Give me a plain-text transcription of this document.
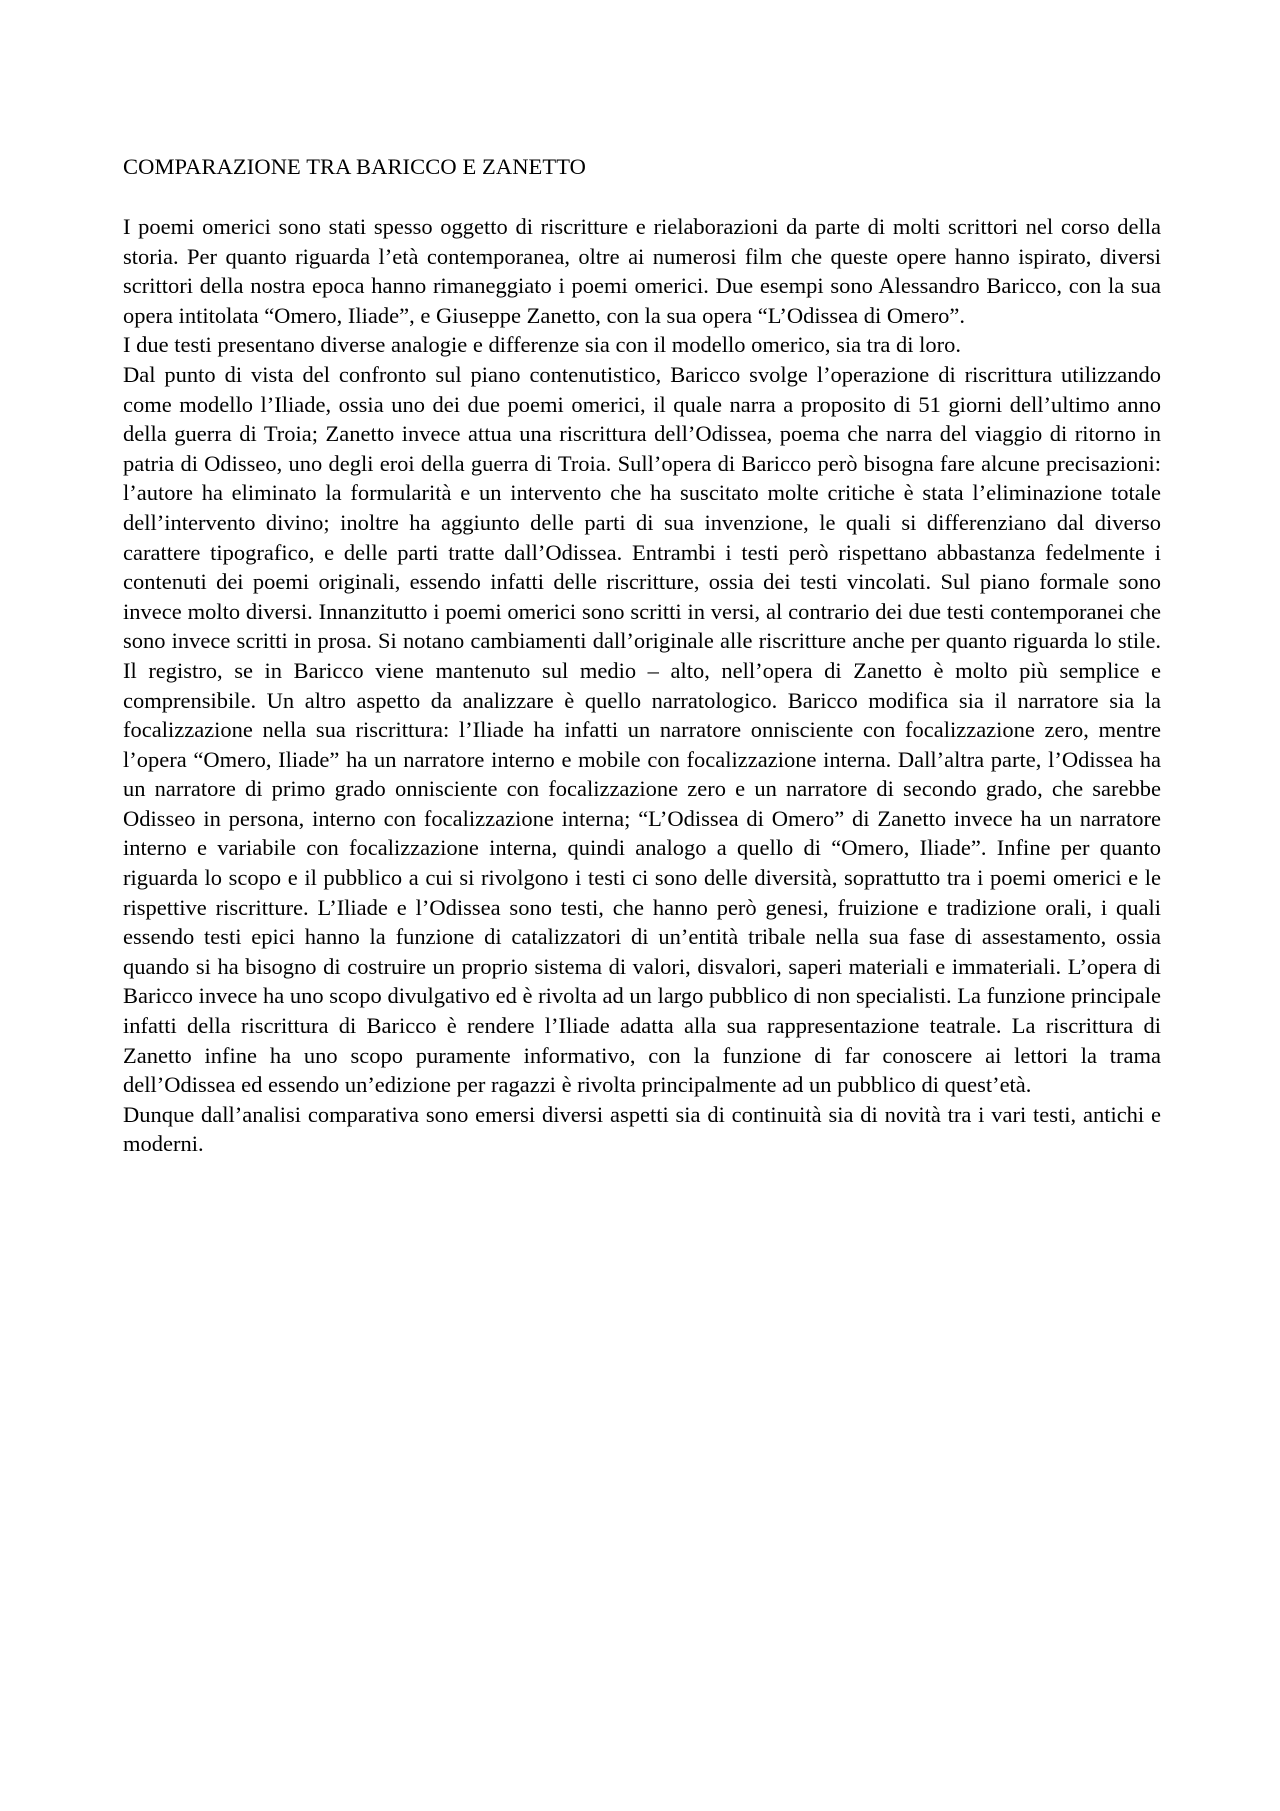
COMPARAZIONE TRA BARICCO E ZANETTO

I poemi omerici sono stati spesso oggetto di riscritture e rielaborazioni da parte di molti scrittori nel corso della storia. Per quanto riguarda l’età contemporanea, oltre ai numerosi film che queste opere hanno ispirato, diversi scrittori della nostra epoca hanno rimaneggiato i poemi omerici. Due esempi sono Alessandro Baricco, con la sua opera intitolata “Omero, Iliade”, e Giuseppe Zanetto, con la sua opera “L’Odissea di Omero”.

I due testi presentano diverse analogie e differenze sia con il modello omerico, sia tra di loro.

Dal punto di vista del confronto sul piano contenutistico, Baricco svolge l’operazione di riscrittura utilizzando come modello l’Iliade, ossia uno dei due poemi omerici, il quale narra a proposito di 51 giorni dell’ultimo anno della guerra di Troia; Zanetto invece attua una riscrittura dell’Odissea, poema che narra del viaggio di ritorno in patria di Odisseo, uno degli eroi della guerra di Troia. Sull’opera di Baricco però bisogna fare alcune precisazioni: l’autore ha eliminato la formularità e un intervento che ha suscitato molte critiche è stata l’eliminazione totale dell’intervento divino; inoltre ha aggiunto delle parti di sua invenzione, le quali si differenziano dal diverso carattere tipografico, e delle parti tratte dall’Odissea. Entrambi i testi però rispettano abbastanza fedelmente i contenuti dei poemi originali, essendo infatti delle riscritture, ossia dei testi vincolati. Sul piano formale sono invece molto diversi. Innanzitutto i poemi omerici sono scritti in versi, al contrario dei due testi contemporanei che sono invece scritti in prosa. Si notano cambiamenti dall’originale alle riscritture anche per quanto riguarda lo stile. Il registro, se in Baricco viene mantenuto sul medio – alto, nell’opera di Zanetto è molto più semplice e comprensibile. Un altro aspetto da analizzare è quello narratologico. Baricco modifica sia il narratore sia la focalizzazione nella sua riscrittura: l’Iliade ha infatti un narratore onnisciente con focalizzazione zero, mentre l’opera “Omero, Iliade” ha un narratore interno e mobile con focalizzazione interna. Dall’altra parte, l’Odissea ha un narratore di primo grado onnisciente con focalizzazione zero e un narratore di secondo grado, che sarebbe Odisseo in persona, interno con focalizzazione interna; “L’Odissea di Omero” di Zanetto invece ha un narratore interno e variabile con focalizzazione interna, quindi analogo a quello di “Omero, Iliade”. Infine per quanto riguarda lo scopo e il pubblico a cui si rivolgono i testi ci sono delle diversità, soprattutto tra i poemi omerici e le rispettive riscritture. L’Iliade e l’Odissea sono testi, che hanno però genesi, fruizione e tradizione orali, i quali essendo testi epici hanno la funzione di catalizzatori di un’entità tribale nella sua fase di assestamento, ossia quando si ha bisogno di costruire un proprio sistema di valori, disvalori, saperi materiali e immateriali. L’opera di Baricco invece ha uno scopo divulgativo ed è rivolta ad un largo pubblico di non specialisti. La funzione principale infatti della riscrittura di Baricco è rendere l’Iliade adatta alla sua rappresentazione teatrale. La riscrittura di Zanetto infine ha uno scopo puramente informativo, con la funzione di far conoscere ai lettori la trama dell’Odissea ed essendo un’edizione per ragazzi è rivolta principalmente ad un pubblico di quest’età.

Dunque dall’analisi comparativa sono emersi diversi aspetti sia di continuità sia di novità tra i vari testi, antichi e moderni.
